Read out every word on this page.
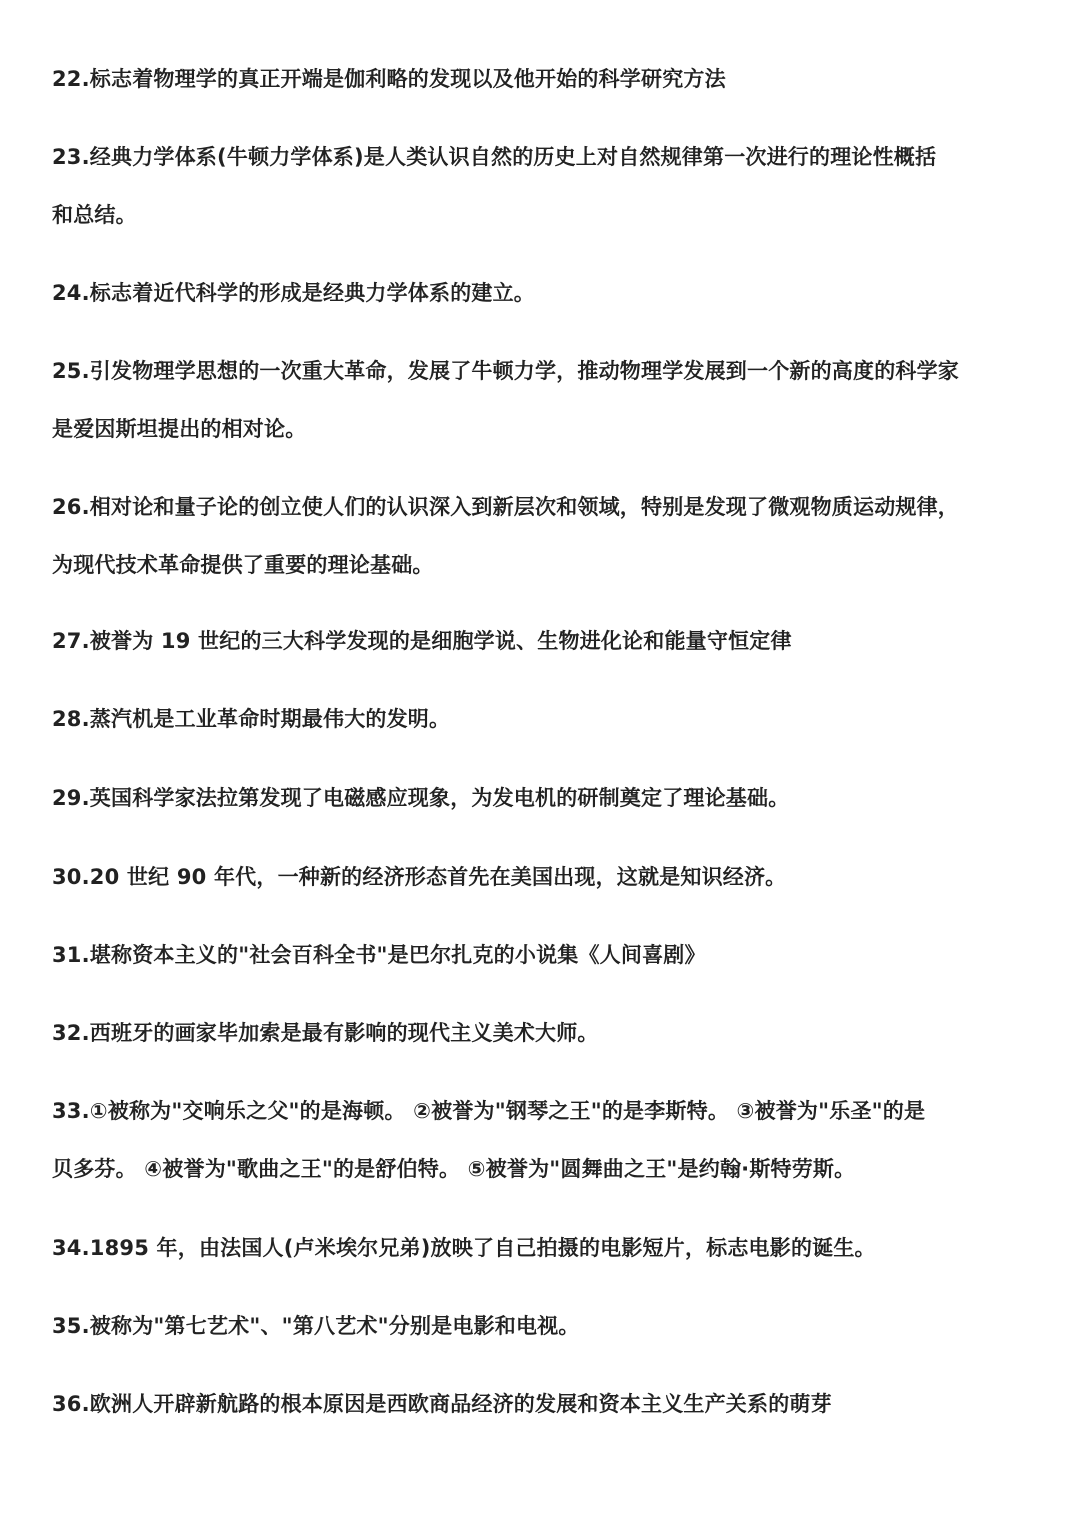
22.标志着物理学的真正开端是伽利略的发现以及他开始的科学研究方法

23.经典力学体系(牛顿力学体系)是人类认识自然的历史上对自然规律第一次进行的理论性概括

和总结。

24.标志着近代科学的形成是经典力学体系的建立。

25.引发物理学思想的一次重大革命，发展了牛顿力学，推动物理学发展到一个新的高度的科学家

是爱因斯坦提出的相对论。

26.相对论和量子论的创立使人们的认识深入到新层次和领域，特别是发现了微观物质运动规律，

为现代技术革命提供了重要的理论基础。

27.被誉为 19 世纪的三大科学发现的是细胞学说、生物进化论和能量守恒定律

28.蒸汽机是工业革命时期最伟大的发明。

29.英国科学家法拉第发现了电磁感应现象，为发电机的研制奠定了理论基础。

30.20 世纪 90 年代，一种新的经济形态首先在美国出现，这就是知识经济。

31.堪称资本主义的"社会百科全书"是巴尔扎克的小说集《人间喜剧》

32.西班牙的画家毕加索是最有影响的现代主义美术大师。

33.①被称为"交响乐之父"的是海顿。 ②被誉为"钢琴之王"的是李斯特。 ③被誉为"乐圣"的是

贝多芬。 ④被誉为"歌曲之王"的是舒伯特。 ⑤被誉为"圆舞曲之王"是约翰·斯特劳斯。

34.1895 年，由法国人(卢米埃尔兄弟)放映了自己拍摄的电影短片，标志电影的诞生。

35.被称为"第七艺术"、"第八艺术"分别是电影和电视。

36.欧洲人开辟新航路的根本原因是西欧商品经济的发展和资本主义生产关系的萌芽
